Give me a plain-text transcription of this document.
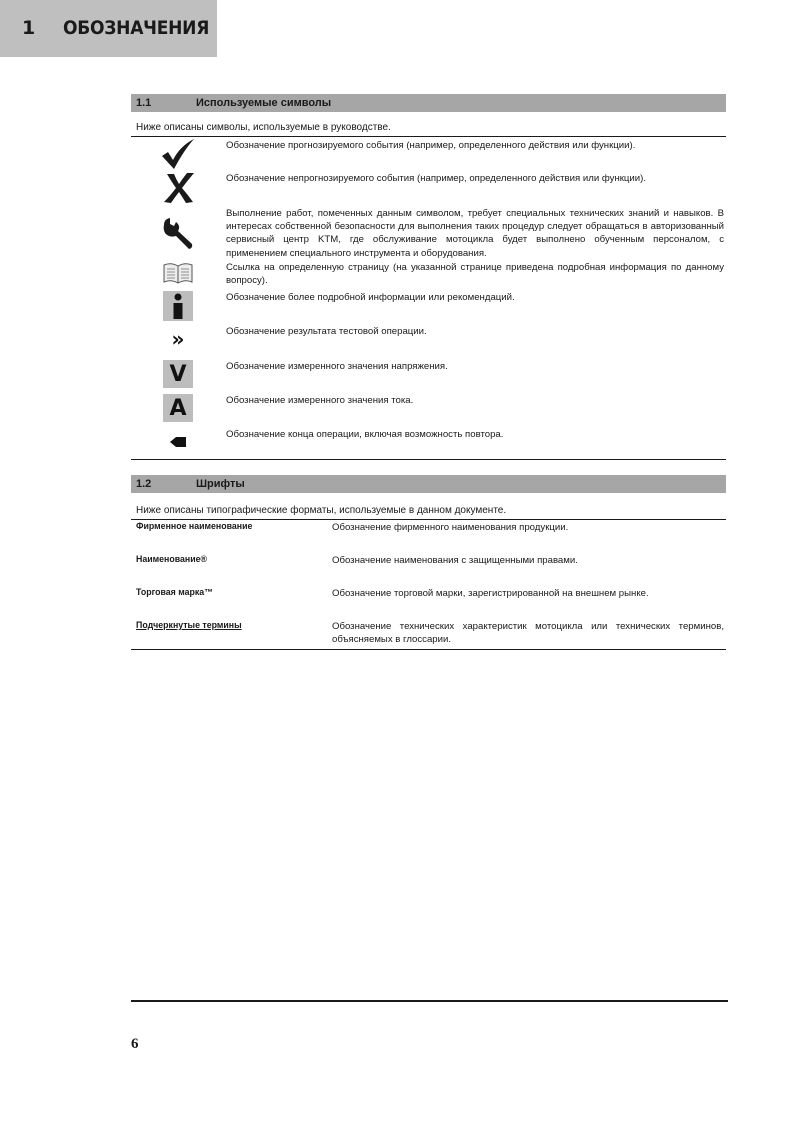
1 ОБОЗНАЧЕНИЯ
1.1	Используемые символы
Ниже описаны символы, используемые в руководстве.
Обозначение прогнозируемого события (например, определенного действия или функции).
Обозначение непрогнозируемого события (например, определенного действия или функции).
Выполнение работ, помеченных данным символом, требует специальных технических знаний и навыков. В интересах собственной безопасности для выполнения таких процедур следует обращаться в авторизованный сервисный центр KTM, где обслуживание мотоцикла будет выполнено обученным персоналом, с применением специального инструмента и оборудования.
Ссылка на определенную страницу (на указанной странице приведена подробная информация по данному вопросу).
Обозначение более подробной информации или рекомендаций.
»	Обозначение результата тестовой операции.
V	Обозначение измеренного значения напряжения.
A	Обозначение измеренного значения тока.
Обозначение конца операции, включая возможность повтора.
1.2	Шрифты
Ниже описаны типографические форматы, используемые в данном документе.
Фирменное наименование	Обозначение фирменного наименования продукции.
Наименование®	Обозначение наименования с защищенными правами.
Торговая марка™	Обозначение торговой марки, зарегистрированной на внешнем рынке.
Подчеркнутые термины	Обозначение технических характеристик мотоцикла или технических терминов, объясняемых в глоссарии.
6
